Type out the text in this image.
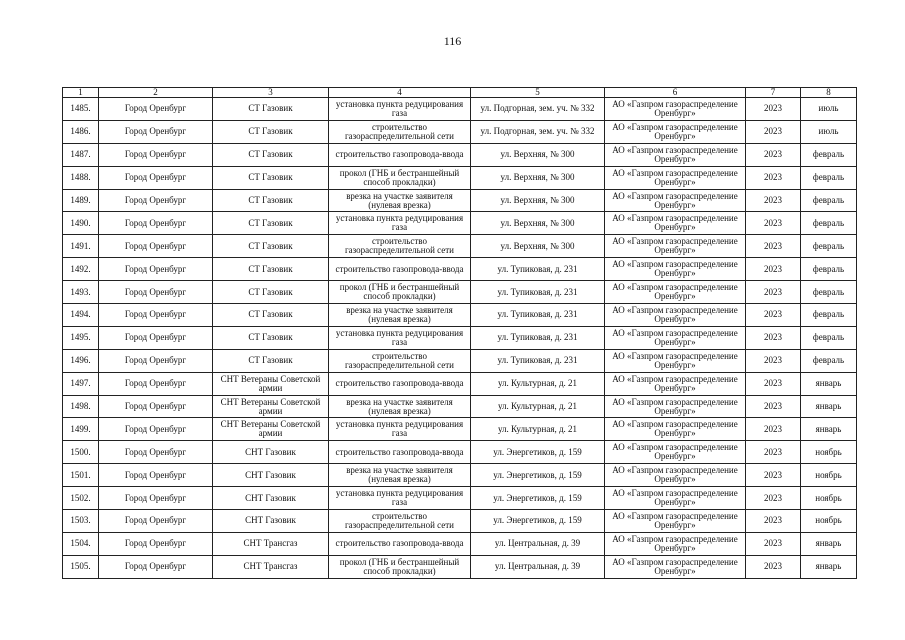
116
1	2	3	4	5	6	7	8
1485.	Город Оренбург	СТ Газовик	установка пункта редуцирования газа	ул. Подгорная, зем. уч. № 332	АО «Газпром газораспределение Оренбург»	2023	июль
1486.	Город Оренбург	СТ Газовик	строительство газораспределительной сети	ул. Подгорная, зем. уч. № 332	АО «Газпром газораспределение Оренбург»	2023	июль
1487.	Город Оренбург	СТ Газовик	строительство газопровода-ввода	ул. Верхняя, № 300	АО «Газпром газораспределение Оренбург»	2023	февраль
1488.	Город Оренбург	СТ Газовик	прокол (ГНБ и бестраншейный способ прокладки)	ул. Верхняя, № 300	АО «Газпром газораспределение Оренбург»	2023	февраль
1489.	Город Оренбург	СТ Газовик	врезка на участке заявителя (нулевая врезка)	ул. Верхняя, № 300	АО «Газпром газораспределение Оренбург»	2023	февраль
1490.	Город Оренбург	СТ Газовик	установка пункта редуцирования газа	ул. Верхняя, № 300	АО «Газпром газораспределение Оренбург»	2023	февраль
1491.	Город Оренбург	СТ Газовик	строительство газораспределительной сети	ул. Верхняя, № 300	АО «Газпром газораспределение Оренбург»	2023	февраль
1492.	Город Оренбург	СТ Газовик	строительство газопровода-ввода	ул. Тупиковая, д. 231	АО «Газпром газораспределение Оренбург»	2023	февраль
1493.	Город Оренбург	СТ Газовик	прокол (ГНБ и бестраншейный способ прокладки)	ул. Тупиковая, д. 231	АО «Газпром газораспределение Оренбург»	2023	февраль
1494.	Город Оренбург	СТ Газовик	врезка на участке заявителя (нулевая врезка)	ул. Тупиковая, д. 231	АО «Газпром газораспределение Оренбург»	2023	февраль
1495.	Город Оренбург	СТ Газовик	установка пункта редуцирования газа	ул. Тупиковая, д. 231	АО «Газпром газораспределение Оренбург»	2023	февраль
1496.	Город Оренбург	СТ Газовик	строительство газораспределительной сети	ул. Тупиковая, д. 231	АО «Газпром газораспределение Оренбург»	2023	февраль
1497.	Город Оренбург	СНТ Ветераны Советской армии	строительство газопровода-ввода	ул. Культурная, д. 21	АО «Газпром газораспределение Оренбург»	2023	январь
1498.	Город Оренбург	СНТ Ветераны Советской армии	врезка на участке заявителя (нулевая врезка)	ул. Культурная, д. 21	АО «Газпром газораспределение Оренбург»	2023	январь
1499.	Город Оренбург	СНТ Ветераны Советской армии	установка пункта редуцирования газа	ул. Культурная, д. 21	АО «Газпром газораспределение Оренбург»	2023	январь
1500.	Город Оренбург	СНТ Газовик	строительство газопровода-ввода	ул. Энергетиков, д. 159	АО «Газпром газораспределение Оренбург»	2023	ноябрь
1501.	Город Оренбург	СНТ Газовик	врезка на участке заявителя (нулевая врезка)	ул. Энергетиков, д. 159	АО «Газпром газораспределение Оренбург»	2023	ноябрь
1502.	Город Оренбург	СНТ Газовик	установка пункта редуцирования газа	ул. Энергетиков, д. 159	АО «Газпром газораспределение Оренбург»	2023	ноябрь
1503.	Город Оренбург	СНТ Газовик	строительство газораспределительной сети	ул. Энергетиков, д. 159	АО «Газпром газораспределение Оренбург»	2023	ноябрь
1504.	Город Оренбург	СНТ Трансгаз	строительство газопровода-ввода	ул. Центральная, д. 39	АО «Газпром газораспределение Оренбург»	2023	январь
1505.	Город Оренбург	СНТ Трансгаз	прокол (ГНБ и бестраншейный способ прокладки)	ул. Центральная, д. 39	АО «Газпром газораспределение Оренбург»	2023	январь
